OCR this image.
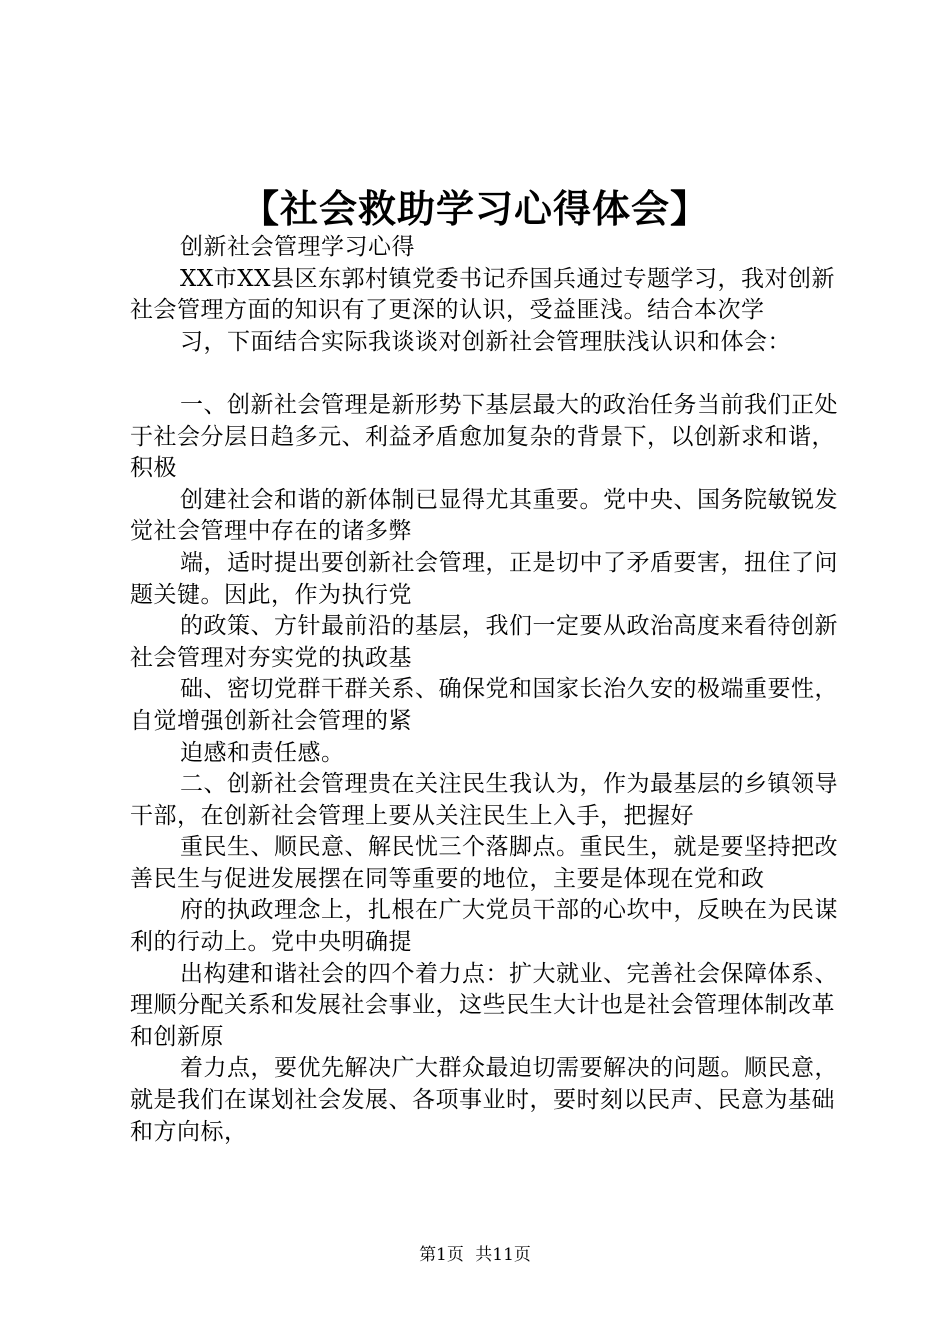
【社会救助学习心得体会】

创新社会管理学习心得

XX市XX县区东郭村镇党委书记乔国兵通过专题学习，我对创新社会管理方面的知识有了更深的认识，受益匪浅。结合本次学

习，下面结合实际我谈谈对创新社会管理肤浅认识和体会：

一、创新社会管理是新形势下基层最大的政治任务当前我们正处于社会分层日趋多元、利益矛盾愈加复杂的背景下，以创新求和谐，积极

创建社会和谐的新体制已显得尤其重要。党中央、国务院敏锐发觉社会管理中存在的诸多弊

端，适时提出要创新社会管理，正是切中了矛盾要害，扭住了问题关键。因此，作为执行党

的政策、方针最前沿的基层，我们一定要从政治高度来看待创新社会管理对夯实党的执政基

础、密切党群干群关系、确保党和国家长治久安的极端重要性，自觉增强创新社会管理的紧

迫感和责任感。

二、创新社会管理贵在关注民生我认为，作为最基层的乡镇领导干部，在创新社会管理上要从关注民生上入手，把握好

重民生、顺民意、解民忧三个落脚点。重民生，就是要坚持把改善民生与促进发展摆在同等重要的地位，主要是体现在党和政

府的执政理念上，扎根在广大党员干部的心坎中，反映在为民谋利的行动上。党中央明确提

出构建和谐社会的四个着力点：扩大就业、完善社会保障体系、理顺分配关系和发展社会事业，这些民生大计也是社会管理体制改革和创新原

着力点，要优先解决广大群众最迫切需要解决的问题。顺民意，就是我们在谋划社会发展、各项事业时，要时刻以民声、民意为基础和方向标，

第1页 共11页
